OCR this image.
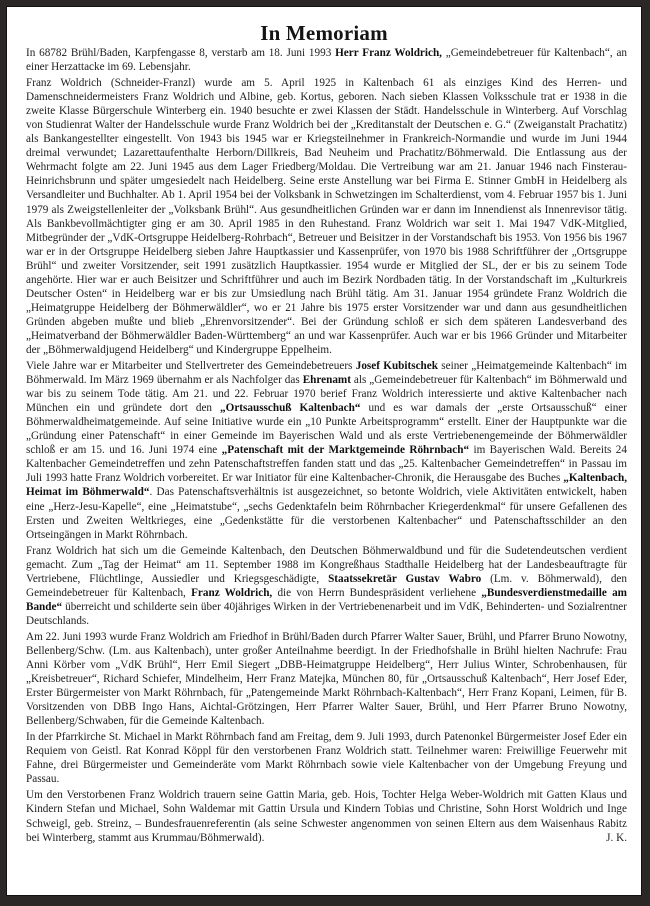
In Memoriam

In 68782 Brühl/Baden, Karpfengasse 8, verstarb am 18. Juni 1993 Herr Franz Woldrich, „Gemeindebetreuer für Kaltenbach“, an einer Herzattacke im 69. Lebensjahr.

Franz Woldrich (Schneider-Franzl) wurde am 5. April 1925 in Kaltenbach 61 als einziges Kind des Herren- und Damenschneidermeisters Franz Woldrich und Albine, geb. Kortus, geboren. Nach sieben Klassen Volksschule trat er 1938 in die zweite Klasse Bürgerschule Winterberg ein. 1940 besuchte er zwei Klassen der Städt. Handelsschule in Winterberg. Auf Vorschlag von Studienrat Walter der Handelsschule wurde Franz Woldrich bei der „Kreditanstalt der Deutschen e. G.“ (Zweiganstalt Prachatitz) als Bankangestellter eingestellt. Von 1943 bis 1945 war er Kriegsteilnehmer in Frankreich-Normandie und wurde im Juni 1944 dreimal verwundet; Lazarettaufenthalte Herborn/Dillkreis, Bad Neuheim und Prachatitz/Böhmerwald. Die Entlassung aus der Wehrmacht folgte am 22. Juni 1945 aus dem Lager Friedberg/Moldau. Die Vertreibung war am 21. Januar 1946 nach Finsterau-Heinrichsbrunn und später umgesiedelt nach Heidelberg. Seine erste Anstellung war bei Firma E. Stinner GmbH in Heidelberg als Versandleiter und Buchhalter. Ab 1. April 1954 bei der Volksbank in Schwetzingen im Schalterdienst, vom 4. Februar 1957 bis 1. Juni 1979 als Zweigstellenleiter der „Volksbank Brühl“. Aus gesundheitlichen Gründen war er dann im Innendienst als Innenrevisor tätig. Als Bankbevollmächtigter ging er am 30. April 1985 in den Ruhestand. Franz Woldrich war seit 1. Mai 1947 VdK-Mitglied, Mitbegründer der „VdK-Ortsgruppe Heidelberg-Rohrbach“, Betreuer und Beisitzer in der Vorstandschaft bis 1953. Von 1956 bis 1967 war er in der Ortsgruppe Heidelberg sieben Jahre Hauptkassier und Kassenprüfer, von 1970 bis 1988 Schriftführer der „Ortsgruppe Brühl“ und zweiter Vorsitzender, seit 1991 zusätzlich Hauptkassier. 1954 wurde er Mitglied der SL, der er bis zu seinem Tode angehörte. Hier war er auch Beisitzer und Schriftführer und auch im Bezirk Nordbaden tätig. In der Vorstandschaft im „Kulturkreis Deutscher Osten“ in Heidelberg war er bis zur Umsiedlung nach Brühl tätig. Am 31. Januar 1954 gründete Franz Woldrich die „Heimatgruppe Heidelberg der Böhmerwäldler“, wo er 21 Jahre bis 1975 erster Vorsitzender war und dann aus gesundheitlichen Gründen abgeben mußte und blieb „Ehrenvorsitzender“. Bei der Gründung schloß er sich dem späteren Landesverband des „Heimatverband der Böhmerwäldler Baden-Württemberg“ an und war Kassenprüfer. Auch war er bis 1966 Gründer und Mitarbeiter der „Böhmerwaldjugend Heidelberg“ und Kindergruppe Eppelheim.

Viele Jahre war er Mitarbeiter und Stellvertreter des Gemeindebetreuers Josef Kubitschek seiner „Heimatgemeinde Kaltenbach“ im Böhmerwald. Im März 1969 übernahm er als Nachfolger das Ehrenamt als „Gemeindebetreuer für Kaltenbach“ im Böhmerwald und war bis zu seinem Tode tätig. Am 21. und 22. Februar 1970 berief Franz Woldrich interessierte und aktive Kaltenbacher nach München ein und gründete dort den „Ortsausschuß Kaltenbach“ und es war damals der „erste Ortsausschuß“ einer Böhmerwaldheimatgemeinde. Auf seine Initiative wurde ein „10 Punkte Arbeitsprogramm“ erstellt. Einer der Hauptpunkte war die „Gründung einer Patenschaft“ in einer Gemeinde im Bayerischen Wald und als erste Vertriebenengemeinde der Böhmerwäldler schloß er am 15. und 16. Juni 1974 eine „Patenschaft mit der Marktgemeinde Röhrnbach“ im Bayerischen Wald. Bereits 24 Kaltenbacher Gemeindetreffen und zehn Patenschaftstreffen fanden statt und das „25. Kaltenbacher Gemeindetreffen“ in Passau im Juli 1993 hatte Franz Woldrich vorbereitet. Er war Initiator für eine Kaltenbacher-Chronik, die Herausgabe des Buches „Kaltenbach, Heimat im Böhmerwald“. Das Patenschaftsverhältnis ist ausgezeichnet, so betonte Woldrich, viele Aktivitäten entwickelt, haben eine „Herz-Jesu-Kapelle“, eine „Heimatstube“, „sechs Gedenktafeln beim Röhrnbacher Kriegerdenkmal“ für unsere Gefallenen des Ersten und Zweiten Weltkrieges, eine „Gedenkstätte für die verstorbenen Kaltenbacher“ und Patenschaftsschilder an den Ortseingängen in Markt Röhrnbach.

Franz Woldrich hat sich um die Gemeinde Kaltenbach, den Deutschen Böhmerwaldbund und für die Sudetendeutschen verdient gemacht. Zum „Tag der Heimat“ am 11. September 1988 im Kongreßhaus Stadthalle Heidelberg hat der Landesbeauftragte für Vertriebene, Flüchtlinge, Aussiedler und Kriegsgeschädigte, Staatssekretär Gustav Wabro (Lm. v. Böhmerwald), den Gemeindebetreuer für Kaltenbach, Franz Woldrich, die von Herrn Bundespräsident verliehene „Bundesverdienstmedaille am Bande“ überreicht und schilderte sein über 40jähriges Wirken in der Vertriebenenarbeit und im VdK, Behinderten- und Sozialrentner Deutschlands.

Am 22. Juni 1993 wurde Franz Woldrich am Friedhof in Brühl/Baden durch Pfarrer Walter Sauer, Brühl, und Pfarrer Bruno Nowotny, Bellenberg/Schw. (Lm. aus Kaltenbach), unter großer Anteilnahme beerdigt. In der Friedhofshalle in Brühl hielten Nachrufe: Frau Anni Körber vom „VdK Brühl“, Herr Emil Siegert „DBB-Heimatgruppe Heidelberg“, Herr Julius Winter, Schrobenhausen, für „Kreisbetreuer“, Richard Schiefer, Mindelheim, Herr Franz Matejka, München 80, für „Ortsausschuß Kaltenbach“, Herr Josef Eder, Erster Bürgermeister von Markt Röhrnbach, für „Patengemeinde Markt Röhrnbach-Kaltenbach“, Herr Franz Kopani, Leimen, für B. Vorsitzenden von DBB Ingo Hans, Aichtal-Grötzingen, Herr Pfarrer Walter Sauer, Brühl, und Herr Pfarrer Bruno Nowotny, Bellenberg/Schwaben, für die Gemeinde Kaltenbach.

In der Pfarrkirche St. Michael in Markt Röhrnbach fand am Freitag, dem 9. Juli 1993, durch Patenonkel Bürgermeister Josef Eder ein Requiem von Geistl. Rat Konrad Köppl für den verstorbenen Franz Woldrich statt. Teilnehmer waren: Freiwillige Feuerwehr mit Fahne, drei Bürgermeister und Gemeinderäte vom Markt Röhrnbach sowie viele Kaltenbacher von der Umgebung Freyung und Passau.

Um den Verstorbenen Franz Woldrich trauern seine Gattin Maria, geb. Hois, Tochter Helga Weber-Woldrich mit Gatten Klaus und Kindern Stefan und Michael, Sohn Waldemar mit Gattin Ursula und Kindern Tobias und Christine, Sohn Horst Woldrich und Inge Schweigl, geb. Streinz, – Bundesfrauenreferentin (als seine Schwester angenommen von seinen Eltern aus dem Waisenhaus Rabitz bei Winterberg, stammt aus Krummau/Böhmerwald).	J. K.
